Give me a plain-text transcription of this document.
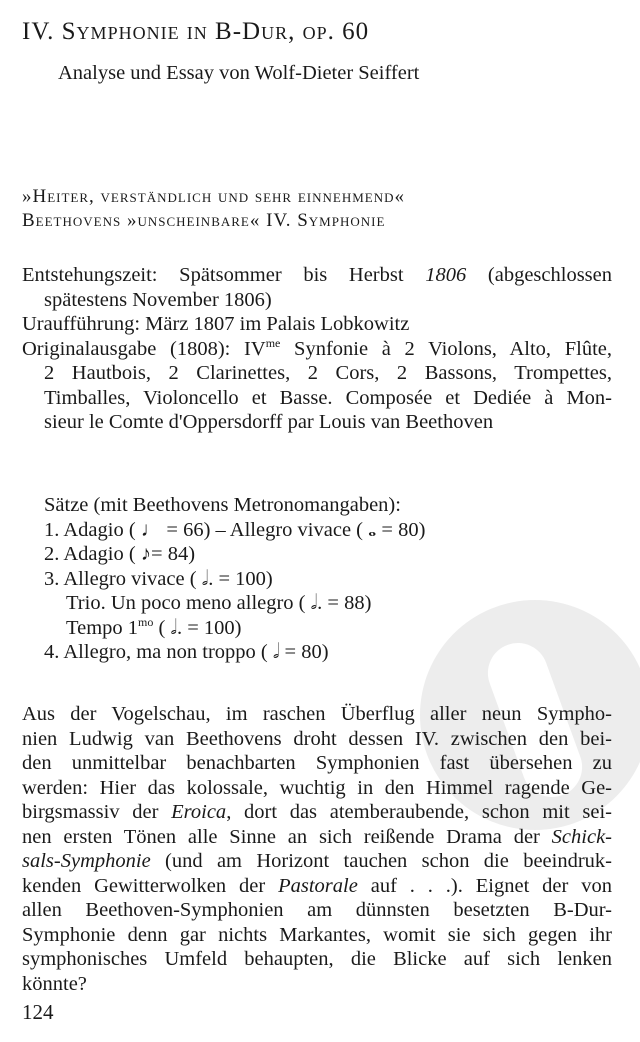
IV. Symphonie in B-Dur, op. 60
Analyse und Essay von Wolf-Dieter Seiffert
»Heiter, verständlich und sehr einnehmend«
Beethovens »unscheinbare« IV. Symphonie
Entstehungszeit: Spätsommer bis Herbst 1806 (abgeschlossen
spätestens November 1806)
Uraufführung: März 1807 im Palais Lobkowitz
Originalausgabe (1808): $IV^{me}$ Synfonie à 2 Violons, Alto, Flûte,
2 Hautbois, 2 Clarinettes, 2 Cors, 2 Bassons, Trompettes,
Timballes, Violoncello et Basse. Composée et Dediée à Mon-
sieur le Comte d'Oppersdorff par Louis van Beethoven
Sätze (mit Beethovens Metronomangaben):
1. Adagio ( ♩ = 66) – Allegro vivace ( 𝅝 = 80)
2. Adagio ( ♪= 84)
3. Allegro vivace ( 𝅗𝅥. = 100)
Trio. Un poco meno allegro ( 𝅗𝅥. = 88)
Tempo $1^{mo}$ ( 𝅗𝅥. = 100)
4. Allegro, ma non troppo ( 𝅗𝅥 = 80)
Aus der Vogelschau, im raschen Überflug aller neun Sympho-
nien Ludwig van Beethovens droht dessen IV. zwischen den bei-
den unmittelbar benachbarten Symphonien fast übersehen zu
werden: Hier das kolossale, wuchtig in den Himmel ragende Ge-
birgsmassiv der Eroica, dort das atemberaubende, schon mit sei-
nen ersten Tönen alle Sinne an sich reißende Drama der Schick-
sals-Symphonie (und am Horizont tauchen schon die beeindruk-
kenden Gewitterwolken der Pastorale auf . . .). Eignet der von
allen Beethoven-Symphonien am dünnsten besetzten B-Dur-
Symphonie denn gar nichts Markantes, womit sie sich gegen ihr
symphonisches Umfeld behaupten, die Blicke auf sich lenken
könnte?
124
